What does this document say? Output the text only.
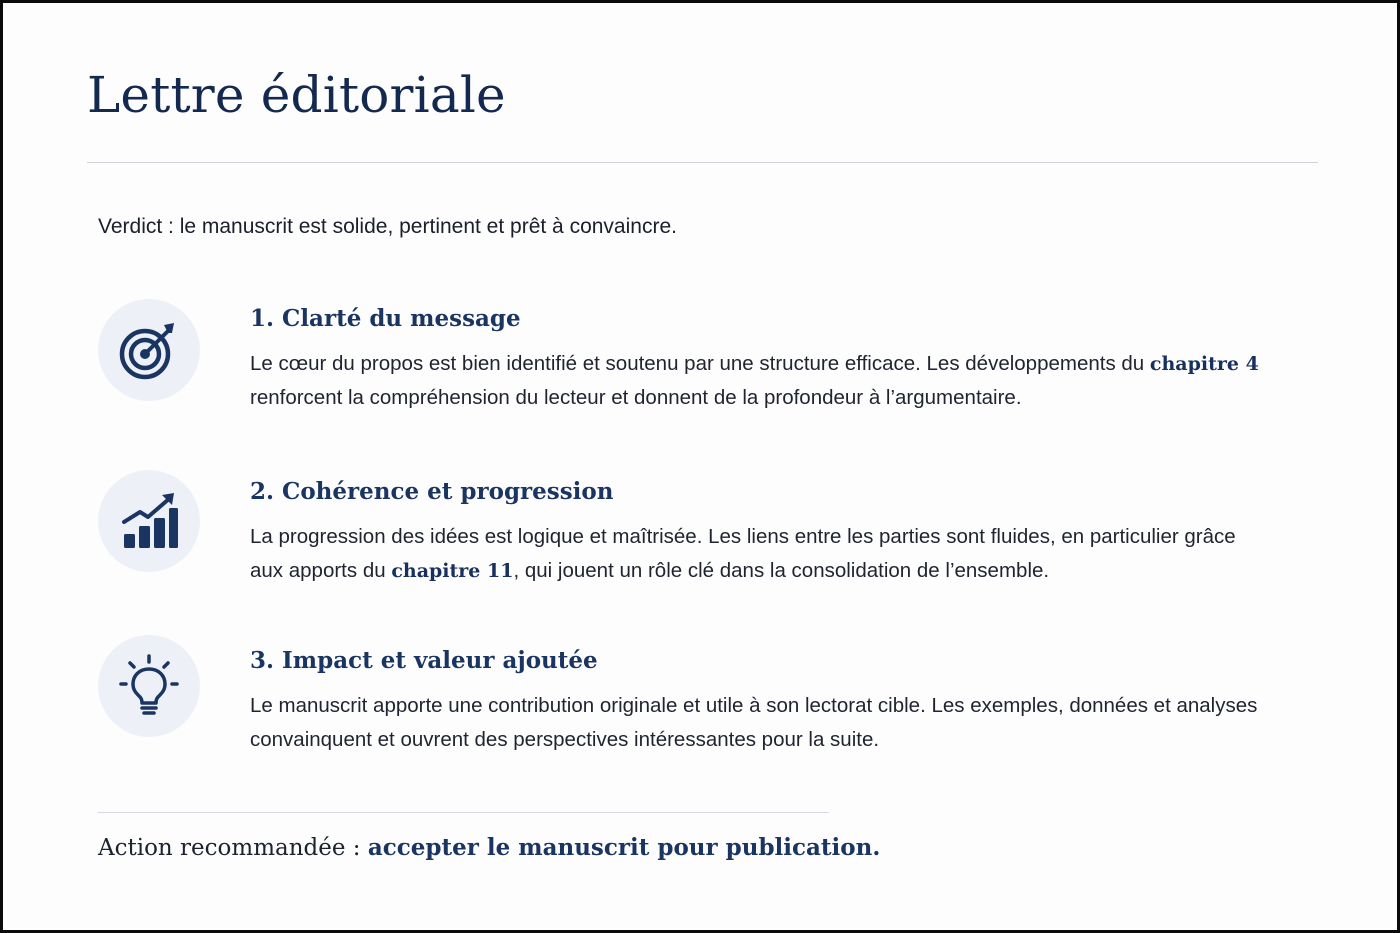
Lettre éditoriale
Verdict : le manuscrit est solide, pertinent et prêt à convaincre.
1. Clarté du message
Le cœur du propos est bien identifié et soutenu par une structure efficace. Les développements du chapitre 4 renforcent la compréhension du lecteur et donnent de la profondeur à l’argumentaire.
2. Cohérence et progression
La progression des idées est logique et maîtrisée. Les liens entre les parties sont fluides, en particulier grâce aux apports du chapitre 11, qui jouent un rôle clé dans la consolidation de l’ensemble.
3. Impact et valeur ajoutée
Le manuscrit apporte une contribution originale et utile à son lectorat cible. Les exemples, données et analyses convainquent et ouvrent des perspectives intéressantes pour la suite.
Action recommandée : accepter le manuscrit pour publication.
